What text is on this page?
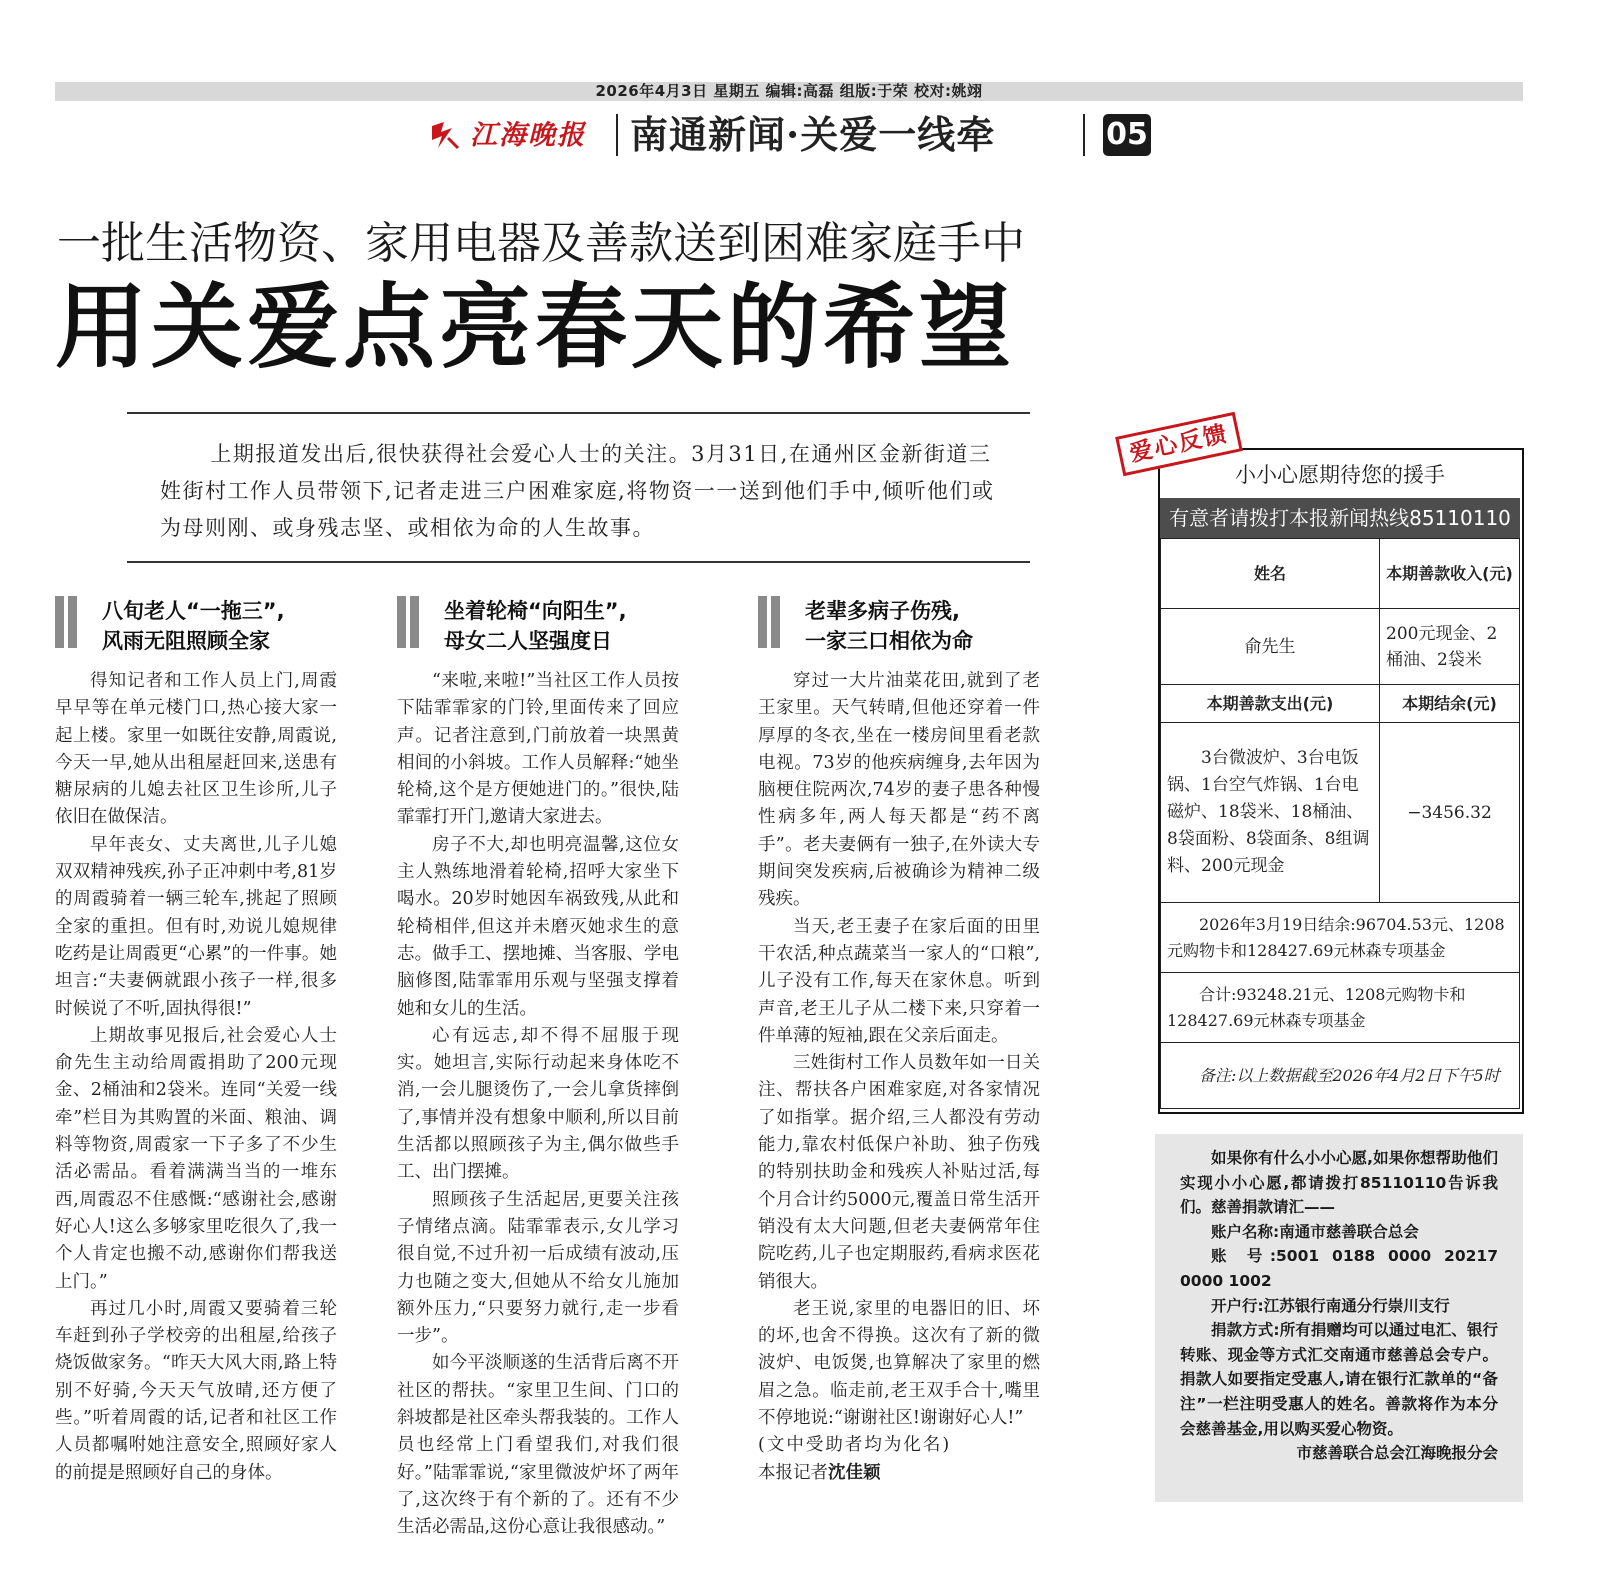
2026年4月3日 星期五 编辑:高磊 组版:于荣 校对:姚翊
江海晚报 南通新闻·关爱一线牵	05
一批生活物资、家用电器及善款送到困难家庭手中
用关爱点亮春天的希望
上期报道发出后,很快获得社会爱心人士的关注。3月31日,在通州区金新街道三姓街村工作人员带领下,记者走进三户困难家庭,将物资一一送到他们手中,倾听他们或为母则刚、或身残志坚、或相依为命的人生故事。
八旬老人“一拖三”,
风雨无阻照顾全家

得知记者和工作人员上门,周霞早早等在单元楼门口,热心接大家一起上楼。家里一如既往安静,周霞说,今天一早,她从出租屋赶回来,送患有糖尿病的儿媳去社区卫生诊所,儿子依旧在做保洁。

早年丧女、丈夫离世,儿子儿媳双双精神残疾,孙子正冲刺中考,81岁的周霞骑着一辆三轮车,挑起了照顾全家的重担。但有时,劝说儿媳规律吃药是让周霞更“心累”的一件事。她坦言:“夫妻俩就跟小孩子一样,很多时候说了不听,固执得很!”

上期故事见报后,社会爱心人士俞先生主动给周霞捐助了200元现金、2桶油和2袋米。连同“关爱一线牵”栏目为其购置的米面、粮油、调料等物资,周霞家一下子多了不少生活必需品。看着满满当当的一堆东西,周霞忍不住感慨:“感谢社会,感谢好心人!这么多够家里吃很久了,我一个人肯定也搬不动,感谢你们帮我送上门。”

再过几小时,周霞又要骑着三轮车赶到孙子学校旁的出租屋,给孩子烧饭做家务。“昨天大风大雨,路上特别不好骑,今天天气放晴,还方便了些。”听着周霞的话,记者和社区工作人员都嘱咐她注意安全,照顾好家人的前提是照顾好自己的身体。

坐着轮椅“向阳生”,
母女二人坚强度日

“来啦,来啦!”当社区工作人员按下陆霏霏家的门铃,里面传来了回应声。记者注意到,门前放着一块黑黄相间的小斜坡。工作人员解释:“她坐轮椅,这个是方便她进门的。”很快,陆霏霏打开门,邀请大家进去。

房子不大,却也明亮温馨,这位女主人熟练地滑着轮椅,招呼大家坐下喝水。20岁时她因车祸致残,从此和轮椅相伴,但这并未磨灭她求生的意志。做手工、摆地摊、当客服、学电脑修图,陆霏霏用乐观与坚强支撑着她和女儿的生活。

心有远志,却不得不屈服于现实。她坦言,实际行动起来身体吃不消,一会儿腿烫伤了,一会儿拿货摔倒了,事情并没有想象中顺利,所以目前生活都以照顾孩子为主,偶尔做些手工、出门摆摊。

照顾孩子生活起居,更要关注孩子情绪点滴。陆霏霏表示,女儿学习很自觉,不过升初一后成绩有波动,压力也随之变大,但她从不给女儿施加额外压力,“只要努力就行,走一步看一步”。

如今平淡顺遂的生活背后离不开社区的帮扶。“家里卫生间、门口的斜坡都是社区牵头帮我装的。工作人员也经常上门看望我们,对我们很好。”陆霏霏说,“家里微波炉坏了两年了,这次终于有个新的了。还有不少生活必需品,这份心意让我很感动。”

老辈多病子伤残,
一家三口相依为命

穿过一大片油菜花田,就到了老王家里。天气转晴,但他还穿着一件厚厚的冬衣,坐在一楼房间里看老款电视。73岁的他疾病缠身,去年因为脑梗住院两次,74岁的妻子患各种慢性病多年,两人每天都是“药不离手”。老夫妻俩有一独子,在外读大专期间突发疾病,后被确诊为精神二级残疾。

当天,老王妻子在家后面的田里干农活,种点蔬菜当一家人的“口粮”,儿子没有工作,每天在家休息。听到声音,老王儿子从二楼下来,只穿着一件单薄的短袖,跟在父亲后面走。

三姓街村工作人员数年如一日关注、帮扶各户困难家庭,对各家情况了如指掌。据介绍,三人都没有劳动能力,靠农村低保户补助、独子伤残的特别扶助金和残疾人补贴过活,每个月合计约5000元,覆盖日常生活开销没有太大问题,但老夫妻俩常年住院吃药,儿子也定期服药,看病求医花销很大。

老王说,家里的电器旧的旧、坏的坏,也舍不得换。这次有了新的微波炉、电饭煲,也算解决了家里的燃眉之急。临走前,老王双手合十,嘴里不停地说:“谢谢社区!谢谢好心人!”

(文中受助者均为化名)

本报记者沈佳颖

爱心反馈
小小心愿期待您的援手
有意者请拨打本报新闻热线85110110
姓名	本期善款收入(元)
俞先生	200元现金、2桶油、2袋米
本期善款支出(元)	本期结余(元)
3台微波炉、3台电饭锅、1台空气炸锅、1台电磁炉、18袋米、18桶油、8袋面粉、8袋面条、8组调料、200元现金	−3456.32
2026年3月19日结余:96704.53元、1208元购物卡和128427.69元林森专项基金	
合计:93248.21元、1208元购物卡和128427.69元林森专项基金	
备注:以上数据截至2026年4月2日下午5时	

如果你有什么小小心愿,如果你想帮助他们实现小小心愿,都请拨打85110110告诉我们。慈善捐款请汇——

账户名称:南通市慈善联合总会

账 号:5001 0188 0000 20217 0000 1002

开户行:江苏银行南通分行崇川支行

捐款方式:所有捐赠均可以通过电汇、银行转账、现金等方式汇交南通市慈善总会专户。捐款人如要指定受惠人,请在银行汇款单的“备注”一栏注明受惠人的姓名。善款将作为本分会慈善基金,用以购买爱心物资。

市慈善联合总会江海晚报分会
